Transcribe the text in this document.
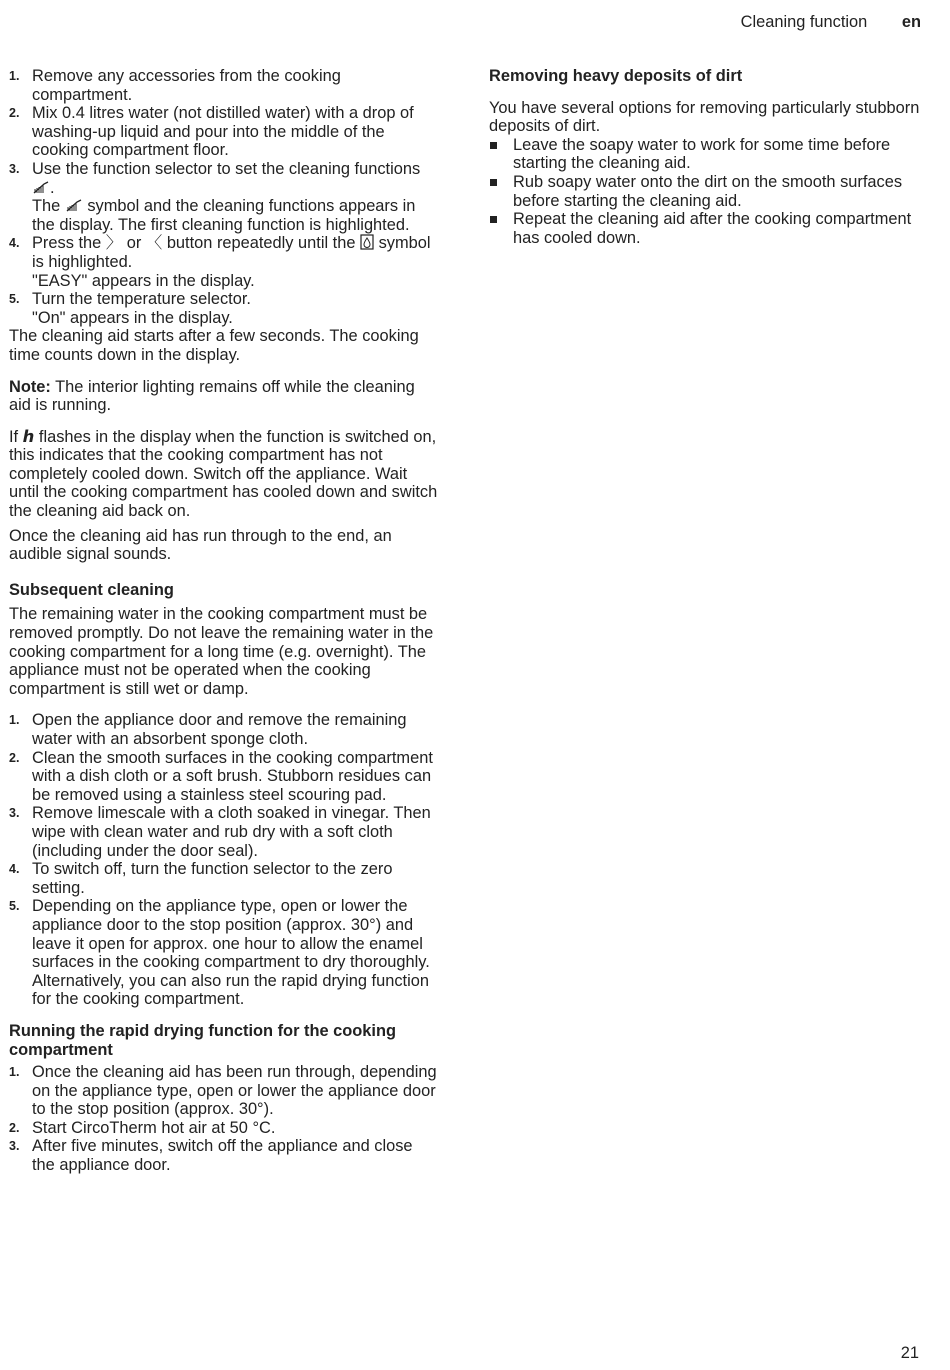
Cleaning function en
1. Remove any accessories from the cooking compartment.
2. Mix 0.4 litres water (not distilled water) with a drop of washing-up liquid and pour into the middle of the cooking compartment floor.
3. Use the function selector to set the cleaning functions .
The  symbol and the cleaning functions appears in the display. The first cleaning function is highlighted.
4. Press the 〉 or 〈 button repeatedly until the  symbol is highlighted.
"EASY" appears in the display.
5. Turn the temperature selector.
"On" appears in the display.

The cleaning aid starts after a few seconds. The cooking time counts down in the display.

Note: The interior lighting remains off while the cleaning aid is running.

If ℎ flashes in the display when the function is switched on, this indicates that the cooking compartment has not completely cooled down. Switch off the appliance. Wait until the cooking compartment has cooled down and switch the cleaning aid back on.

Once the cleaning aid has run through to the end, an audible signal sounds.

Subsequent cleaning

The remaining water in the cooking compartment must be removed promptly. Do not leave the remaining water in the cooking compartment for a long time (e.g. overnight). The appliance must not be operated when the cooking compartment is still wet or damp.

1. Open the appliance door and remove the remaining water with an absorbent sponge cloth.
2. Clean the smooth surfaces in the cooking compartment with a dish cloth or a soft brush. Stubborn residues can be removed using a stainless steel scouring pad.
3. Remove limescale with a cloth soaked in vinegar. Then wipe with clean water and rub dry with a soft cloth (including under the door seal).
4. To switch off, turn the function selector to the zero setting.
5. Depending on the appliance type, open or lower the appliance door to the stop position (approx. 30°) and leave it open for approx. one hour to allow the enamel surfaces in the cooking compartment to dry thoroughly. Alternatively, you can also run the rapid drying function for the cooking compartment.
Running the rapid drying function for the cooking compartment
1. Once the cleaning aid has been run through, depending on the appliance type, open or lower the appliance door to the stop position (approx. 30°).
2. Start CircoTherm hot air at 50 °C.
3. After five minutes, switch off the appliance and close the appliance door.
Removing heavy deposits of dirt

You have several options for removing particularly stubborn deposits of dirt.

Leave the soapy water to work for some time before starting the cleaning aid.
Rub soapy water onto the dirt on the smooth surfaces before starting the cleaning aid.
Repeat the cleaning aid after the cooking compartment has cooled down.
21
